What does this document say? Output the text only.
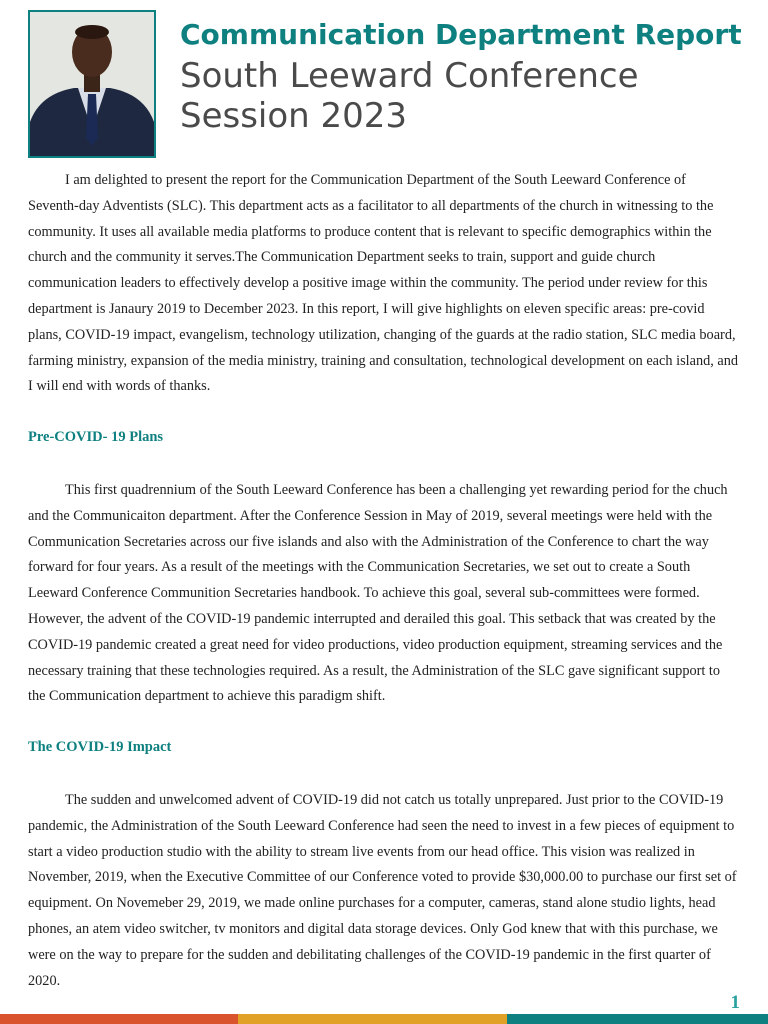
Communication Department Report
South Leeward Conference
Session 2023

I am delighted to present the report for the Communication Department of the South Leeward Conference of Seventh-day Adventists (SLC). This department acts as a facilitator to all departments of the church in witnessing to the community. It uses all available media platforms to produce content that is relevant to specific demographics within the church and the community it serves.The Communication Department seeks to train, support and guide church communication leaders to effectively develop a positive image within the community. The period under review for this department is Janaury 2019 to December 2023. In this report, I will give highlights on eleven specific areas: pre-covid plans, COVID-19 impact, evangelism, technology utilization, changing of the guards at the radio station, SLC media board, farming ministry, expansion of the media ministry, training and consultation, technological development on each island, and I will end with words of thanks.

Pre-COVID- 19 Plans

This first quadrennium of the South Leeward Conference has been a challenging yet rewarding period for the chuch and the Communicaiton department. After the Conference Session in May of 2019, several meetings were held with the Communication Secretaries across our five islands and also with the Administration of the Conference to chart the way forward for four years. As a result of the meetings with the Communication Secretaries, we set out to create a South Leeward Conference Communition Secretaries handbook. To achieve this goal, several sub-committees were formed. However, the advent of the COVID-19 pandemic interrupted and derailed this goal. This setback that was created by the COVID-19 pandemic created a great need for video productions, video production equipment, streaming services and the necessary training that these technologies required. As a result, the Administration of the SLC gave significant support to the Communication department to achieve this paradigm shift.

The COVID-19 Impact

The sudden and unwelcomed advent of COVID-19 did not catch us totally unprepared. Just prior to the COVID-19 pandemic, the Administration of the South Leeward Conference had seen the need to invest in a few pieces of equipment to start a video production studio with the ability to stream live events from our head office. This vision was realized in November, 2019, when the Executive Committee of our Conference voted to provide $30,000.00 to purchase our first set of equipment. On Novemeber 29, 2019, we made online purchases for a computer, cameras, stand alone studio lights, head phones, an atem video switcher, tv monitors and digital data storage devices. Only God knew that with this purchase, we were on the way to prepare for the sudden and debilitating challenges of the COVID-19 pandemic in the first quarter of 2020.

1
